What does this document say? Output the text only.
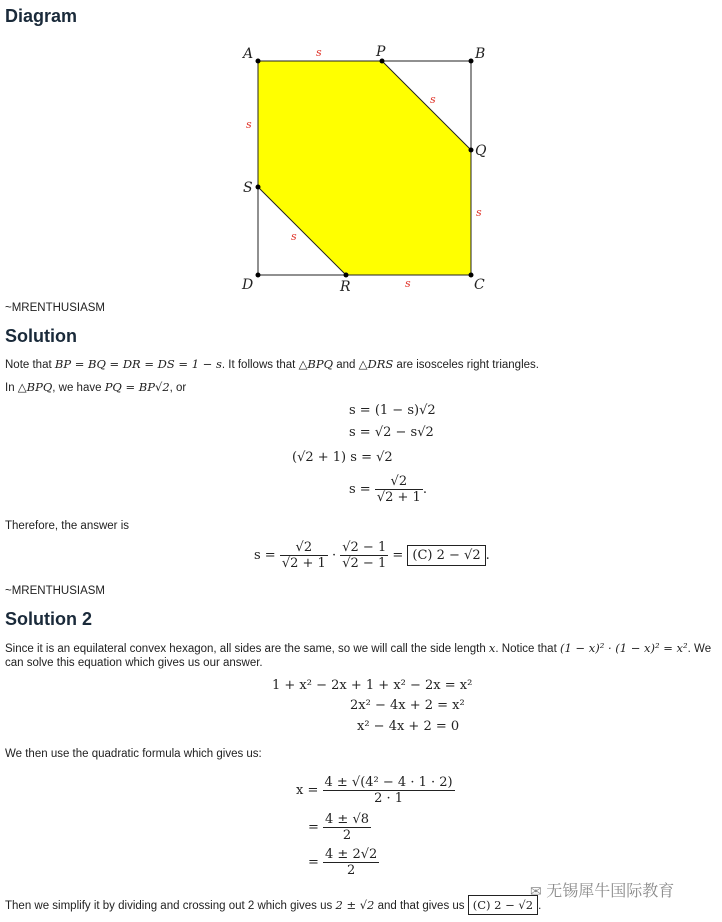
Diagram
A	P	B
Q
S
D	R	C
s
s
s
s
s
s
~MRENTHUSIASM
Solution
Note that BP = BQ = DR = DS = 1 − s. It follows that △BPQ and △DRS are isosceles right triangles.
In △BPQ, we have PQ = BP√2, or
s = (1 − s)√2
s = √2 − s√2
(√2 + 1) s = √2
$s = \frac{√2}{√2 + 1}$ .
Therefore, the answer is
$s = \frac{√2}{√2 + 1} \cdot \frac{√2 - 1}{√2 - 1} = (C) 2 - √2$ .
~MRENTHUSIASM
Solution 2
Since it is an equilateral convex hexagon, all sides are the same, so we will call the side length x. Notice that (1 − x)² · (1 − x)² = x². We
can solve this equation which gives us our answer.
1 + x² − 2x + 1 + x² − 2x = x²
2x² − 4x + 2 = x²
x² − 4x + 2 = 0
We then use the quadratic formula which gives us:
$x = \frac{\text{4 ± √(4² − 4 · 1 · 2)}}{2 \cdot 1}$
= $\frac{4 \pm √8}{2}$
= $\frac{4 \pm 2√2}{2}$
Then we simplify it by dividing and crossing out 2 which gives us 2 ± √2 and that gives us (C) 2 − √2 .
✉ 无锡犀牛国际教育
